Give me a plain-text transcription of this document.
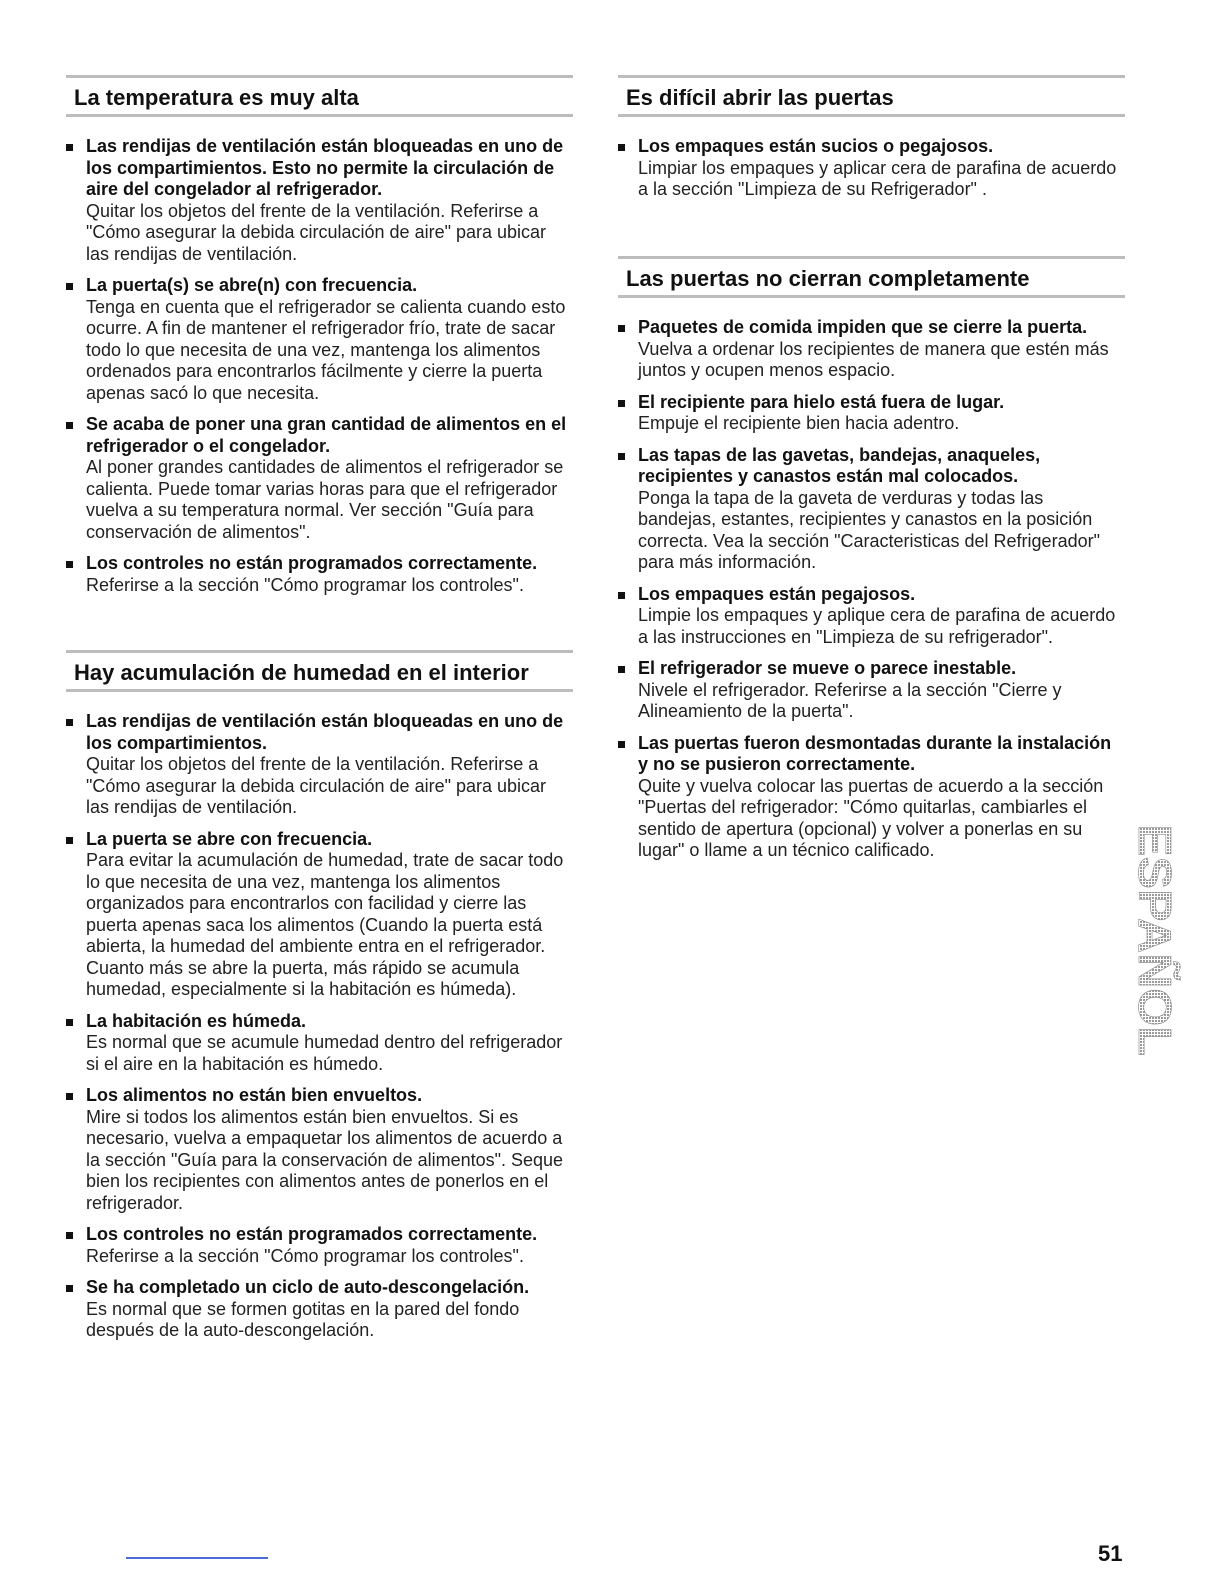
La temperatura es muy alta
Las rendijas de ventilación están bloqueadas en uno de los compartimientos. Esto no permite la circulación de aire del congelador al refrigerador.
Quitar los objetos del frente de la ventilación. Referirse a "Cómo asegurar la debida circulación de aire" para ubicar las rendijas de ventilación.
La puerta(s) se abre(n) con frecuencia.
Tenga en cuenta que el refrigerador se calienta cuando esto ocurre. A fin de mantener el refrigerador frío, trate de sacar todo lo que necesita de una vez, mantenga los alimentos ordenados para encontrarlos fácilmente y cierre la puerta apenas sacó lo que necesita.
Se acaba de poner una gran cantidad de alimentos en el refrigerador o el congelador.
Al poner grandes cantidades de alimentos el refrigerador se calienta. Puede tomar varias horas para que el refrigerador vuelva a su temperatura normal. Ver sección "Guía para conservación de alimentos".
Los controles no están programados correctamente.
Referirse a la sección "Cómo programar los controles".
Hay acumulación de humedad en el interior
Las rendijas de ventilación están bloqueadas en uno de los compartimientos.
Quitar los objetos del frente de la ventilación. Referirse a "Cómo asegurar la debida circulación de aire" para ubicar las rendijas de ventilación.
La puerta se abre con frecuencia.
Para evitar la acumulación de humedad, trate de sacar todo lo que necesita de una vez, mantenga los alimentos organizados para encontrarlos con facilidad y cierre las puerta apenas saca los alimentos (Cuando la puerta está abierta, la humedad del ambiente entra en el refrigerador. Cuanto más se abre la puerta, más rápido se acumula humedad, especialmente si la habitación es húmeda).
La habitación es húmeda.
Es normal que se acumule humedad dentro del refrigerador si el aire en la habitación es húmedo.
Los alimentos no están bien envueltos.
Mire si todos los alimentos están bien envueltos. Si es necesario, vuelva a empaquetar los alimentos de acuerdo a la sección "Guía para la conservación de alimentos". Seque bien los recipientes con alimentos antes de ponerlos en el refrigerador.
Los controles no están programados correctamente.
Referirse a la sección "Cómo programar los controles".
Se ha completado un ciclo de auto-descongelación.
Es normal que se formen gotitas en la pared del fondo después de la auto-descongelación.
Es difícil abrir las puertas
Los empaques están sucios o pegajosos.
Limpiar los empaques y aplicar cera de parafina de acuerdo a la sección "Limpieza de su Refrigerador" .
Las puertas no cierran completamente
Paquetes de comida impiden que se cierre la puerta.
Vuelva a ordenar los recipientes de manera que estén más juntos y ocupen menos espacio.
El recipiente para hielo está fuera de lugar.
Empuje el recipiente bien hacia adentro.
Las tapas de las gavetas, bandejas, anaqueles, recipientes y canastos están mal colocados.
Ponga la tapa de la gaveta de verduras y todas las bandejas, estantes, recipientes y canastos en la posición correcta. Vea la sección "Caracteristicas del Refrigerador" para más información.
Los empaques están pegajosos.
Limpie los empaques y aplique cera de parafina de acuerdo a las instrucciones en "Limpieza de su refrigerador".
El refrigerador se mueve o parece inestable.
Nivele el refrigerador. Referirse a la sección "Cierre y Alineamiento de la puerta".
Las puertas fueron desmontadas durante la instalación y no se pusieron correctamente.
Quite y vuelva colocar las puertas de acuerdo a la sección "Puertas del refrigerador: "Cómo quitarlas, cambiarles el sentido de apertura (opcional) y volver a ponerlas en su lugar" o llame a un técnico calificado.	ESPAÑOL
51
